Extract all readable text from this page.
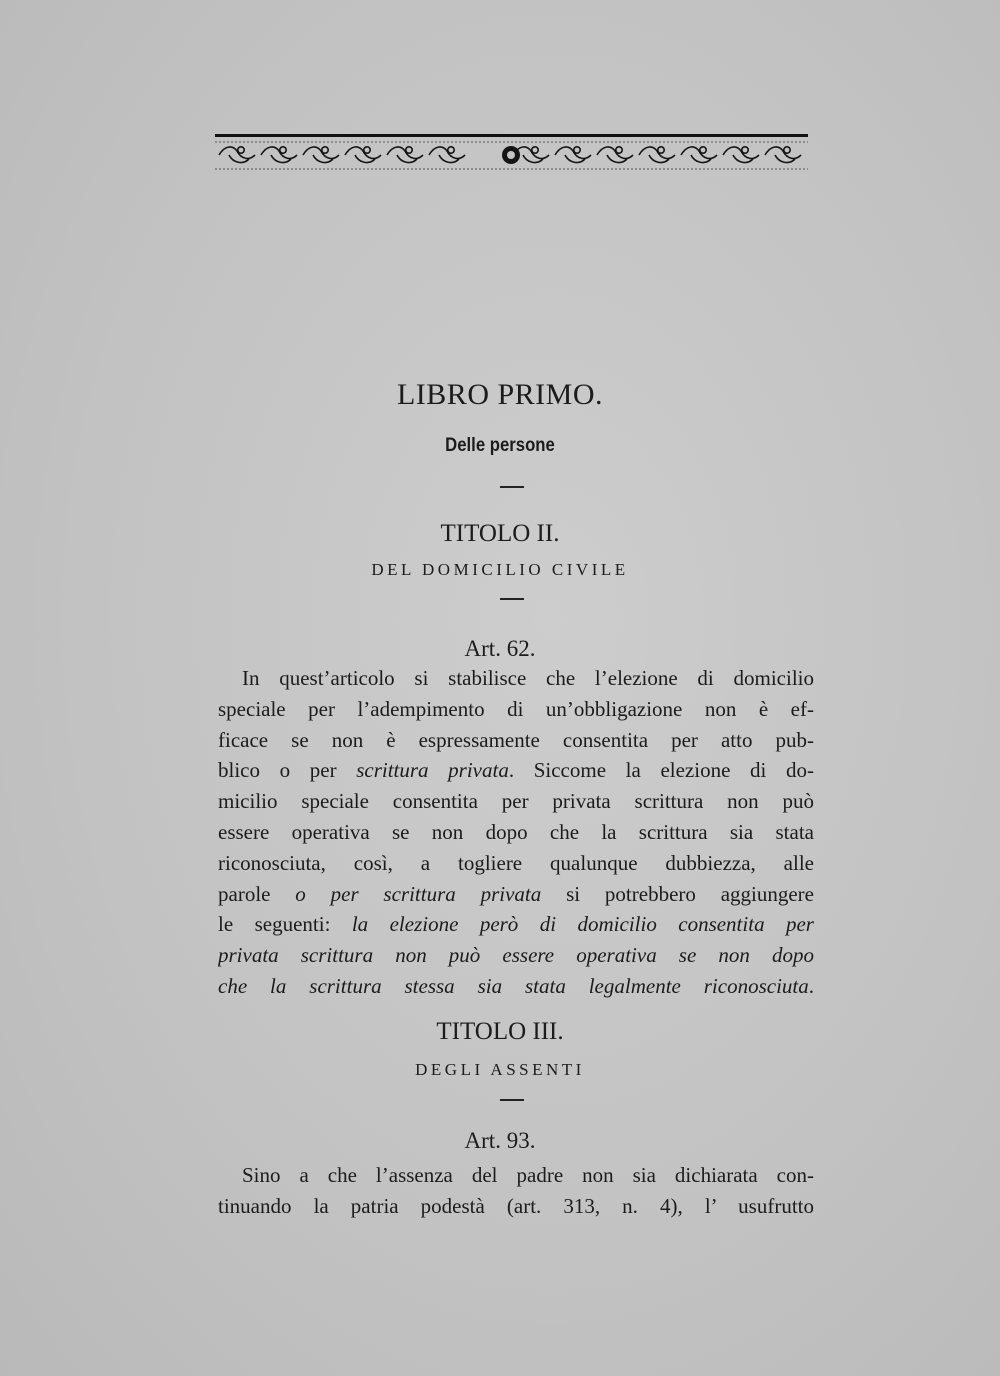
LIBRO PRIMO.
Delle persone
TITOLO II.
DEL DOMICILIO CIVILE
Art. 62.
In quest’articolo si stabilisce che l’elezione di domicilio
speciale per l’adempimento di un’obbligazione non è ef-
ficace se non è espressamente consentita per atto pub-
blico o per scrittura privata. Siccome la elezione di do-
micilio speciale consentita per privata scrittura non può
essere operativa se non dopo che la scrittura sia stata
riconosciuta, così, a togliere qualunque dubbiezza, alle
parole o per scrittura privata si potrebbero aggiungere
le seguenti: la elezione però di domicilio consentita per
privata scrittura non può essere operativa se non dopo
che la scrittura stessa sia stata legalmente riconosciuta.
TITOLO III.
DEGLI ASSENTI
Art. 93.
Sino a che l’assenza del padre non sia dichiarata con-
tinuando la patria podestà (art. 313, n. 4), l’ usufrutto
